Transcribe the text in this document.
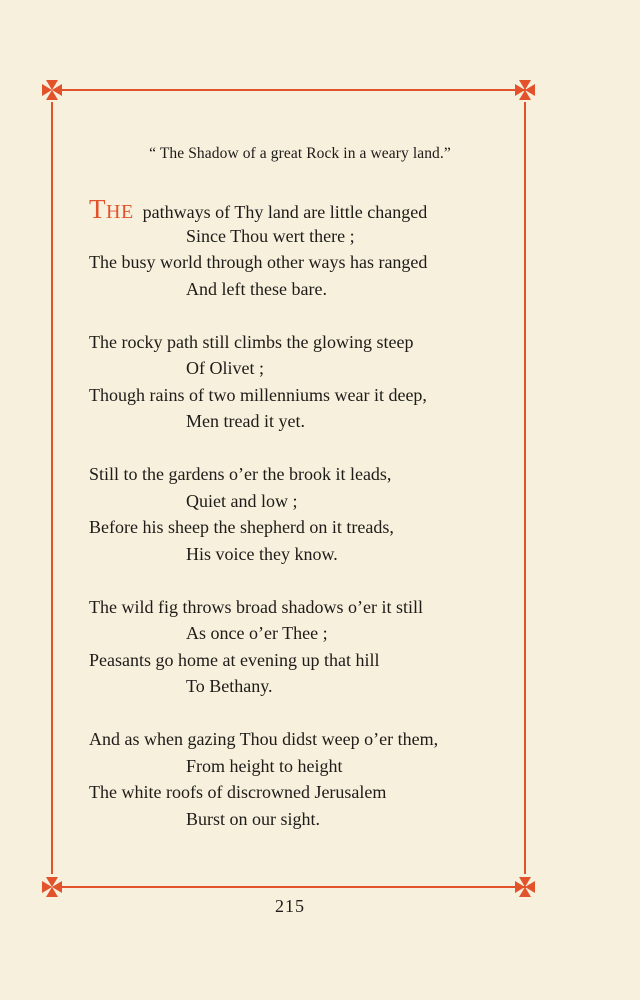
“ The Shadow of a great Rock in a weary land.”
THE pathways of Thy land are little changed
Since Thou wert there ;
The busy world through other ways has ranged
And left these bare.
The rocky path still climbs the glowing steep
Of Olivet ;
Though rains of two millenniums wear it deep,
Men tread it yet.
Still to the gardens o’er the brook it leads,
Quiet and low ;
Before his sheep the shepherd on it treads,
His voice they know.
The wild fig throws broad shadows o’er it still
As once o’er Thee ;
Peasants go home at evening up that hill
To Bethany.
And as when gazing Thou didst weep o’er them,
From height to height
The white roofs of discrowned Jerusalem
Burst on our sight.
215
